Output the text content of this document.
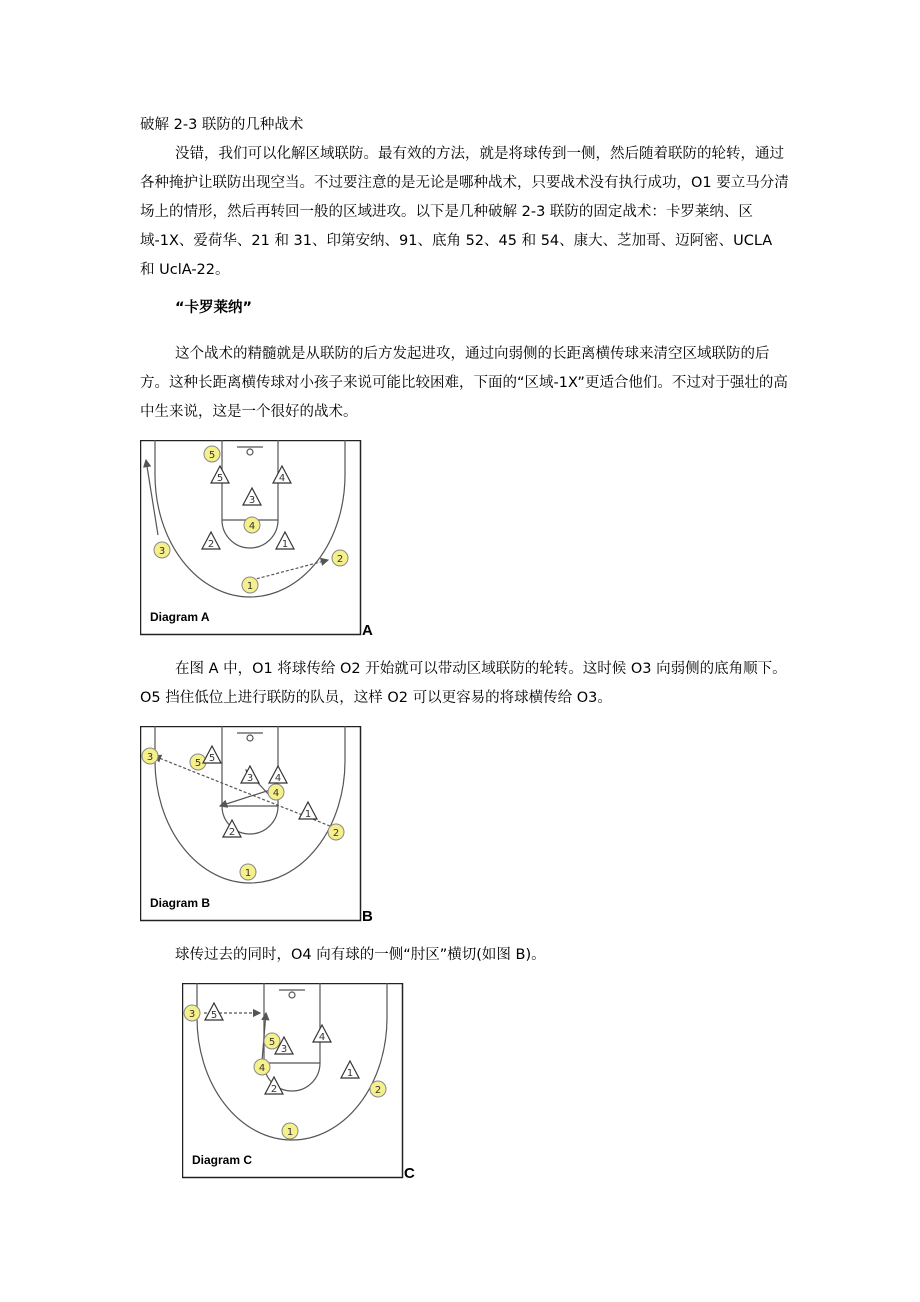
破解 2-3 联防的几种战术

没错，我们可以化解区域联防。最有效的方法，就是将球传到一侧，然后随着联防的轮转，通过各种掩护让联防出现空当。不过要注意的是无论是哪种战术，只要战术没有执行成功，O1 要立马分清场上的情形，然后再转回一般的区域进攻。以下是几种破解 2-3 联防的固定战术：卡罗莱纳、区域-1X、爱荷华、21 和 31、印第安纳、91、底角 52、45 和 54、康大、芝加哥、迈阿密、UCLA 和 UclA-22。

“卡罗莱纳”

这个战术的精髓就是从联防的后方发起进攻，通过向弱侧的长距离横传球来清空区域联防的后方。这种长距离横传球对小孩子来说可能比较困难，下面的“区域-1X”更适合他们。不过对于强壮的高中生来说，这是一个很好的战术。

1
2
3
4
5
1
2
3
4
5
Diagram A
A

在图 A 中，O1 将球传给 O2 开始就可以带动区域联防的轮转。这时候 O3 向弱侧的底角顺下。O5 挡住低位上进行联防的队员，这样 O2 可以更容易的将球横传给 O3。

1
2
3
4
5
1
2
3 4
5
Diagram B
B

球传过去的同时，O4 向有球的一侧“肘区”横切(如图 B)。

1
2
3
4
5
1
2
3
4
5
Diagram C
C
